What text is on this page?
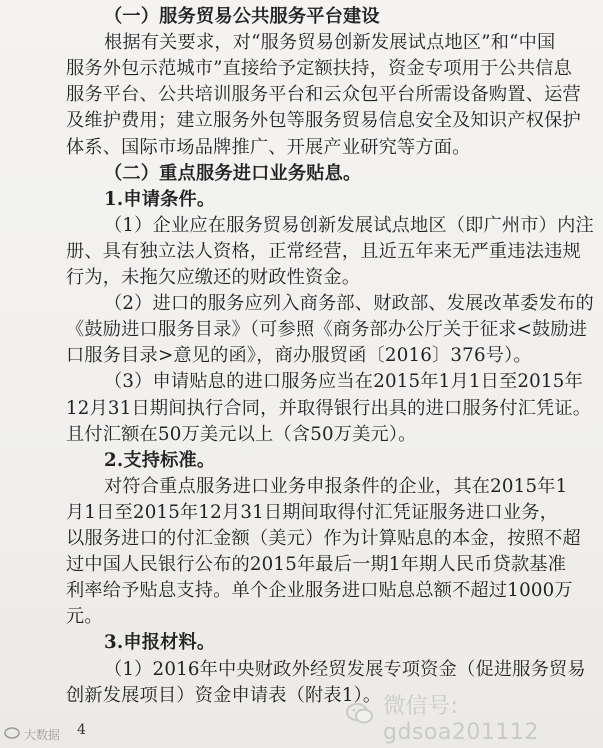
（一）服务贸易公共服务平台建设
根据有关要求，对“服务贸易创新发展试点地区”和“中国
服务外包示范城市”直接给予定额扶持，资金专项用于公共信息
服务平台、公共培训服务平台和云众包平台所需设备购置、运营
及维护费用；建立服务外包等服务贸易信息安全及知识产权保护
体系、国际市场品牌推广、开展产业研究等方面。
（二）重点服务进口业务贴息。
1.申请条件。
（1）企业应在服务贸易创新发展试点地区（即广州市）内注
册、具有独立法人资格，正常经营，且近五年来无严重违法违规
行为，未拖欠应缴还的财政性资金。
（2）进口的服务应列入商务部、财政部、发展改革委发布的
《鼓励进口服务目录》（可参照《商务部办公厅关于征求<鼓励进
口服务目录>意见的函》，商办服贸函〔2016〕376号）。
（3）申请贴息的进口服务应当在2015年1月1日至2015年
12月31日期间执行合同，并取得银行出具的进口服务付汇凭证。
且付汇额在50万美元以上（含50万美元）。
2.支持标准。
对符合重点服务进口业务申报条件的企业，其在2015年1
月1日至2015年12月31日期间取得付汇凭证服务进口业务，
以服务进口的付汇金额（美元）作为计算贴息的本金，按照不超
过中国人民银行公布的2015年最后一期1年期人民币贷款基准
利率给予贴息支持。单个企业服务进口贴息总额不超过1000万
元。
3.申报材料。
（1）2016年中央财政外经贸发展专项资金（促进服务贸易
创新发展项目）资金申请表（附表1）。
4
微信号: gdsoa201112
大数据
